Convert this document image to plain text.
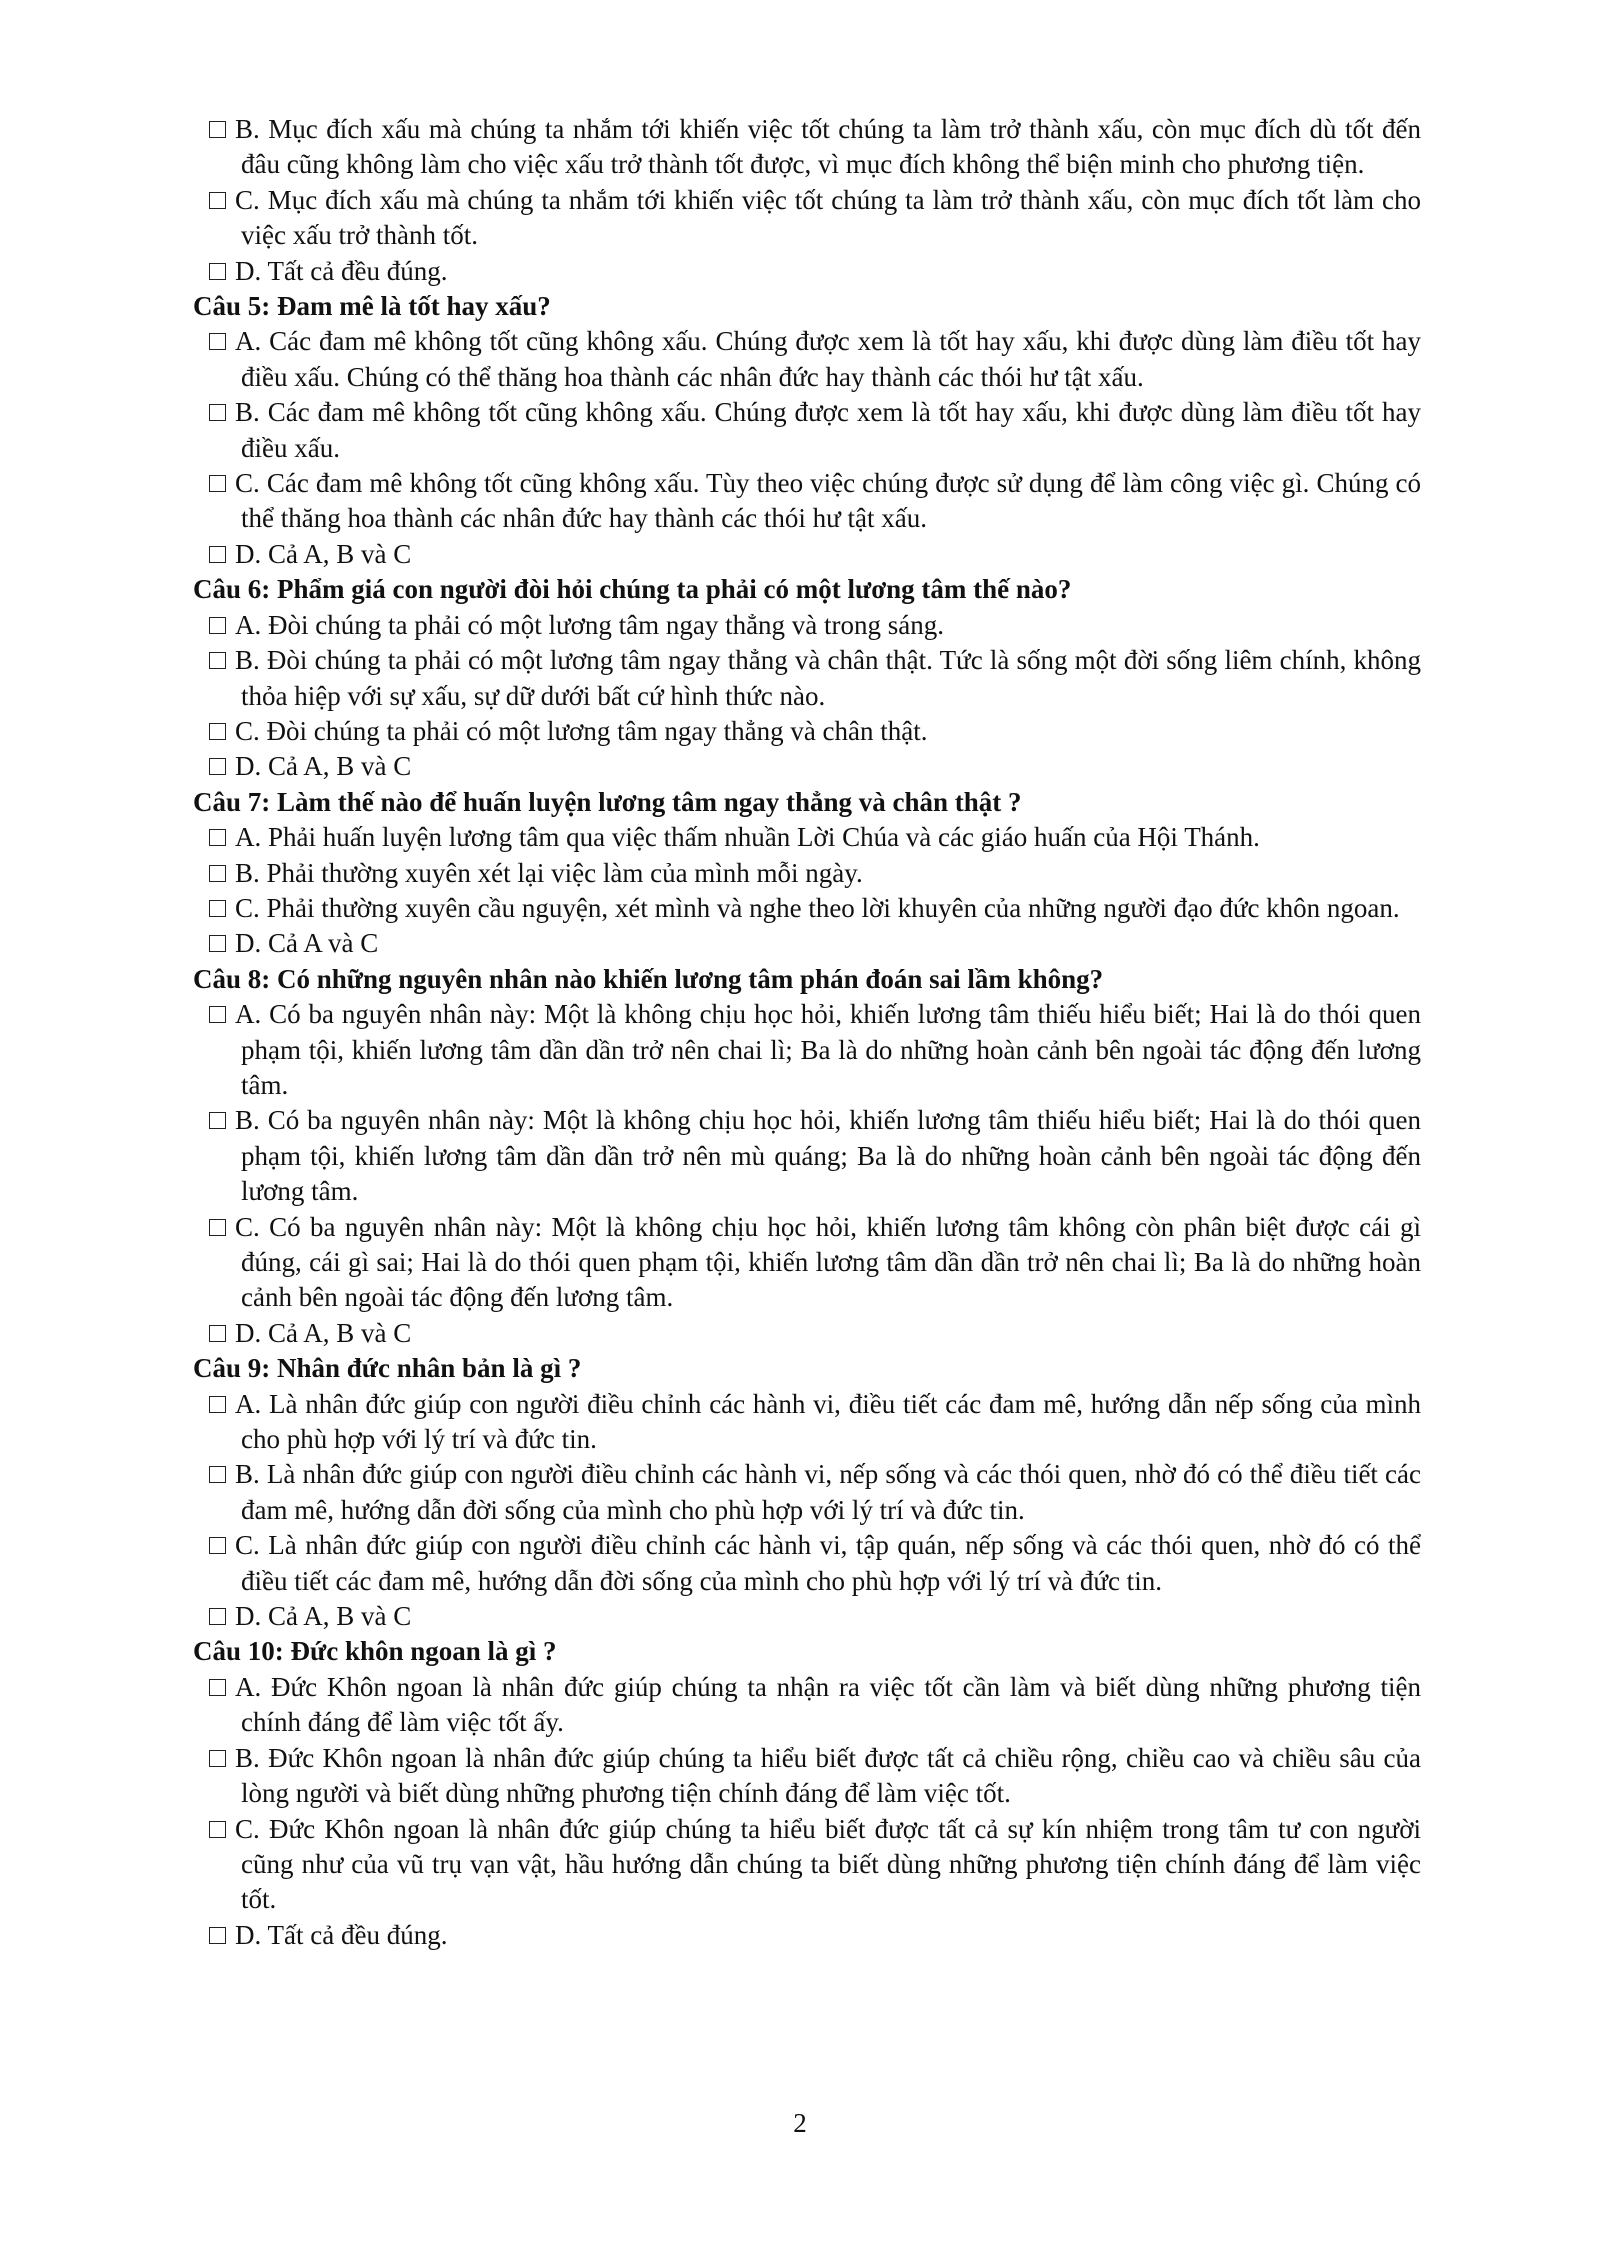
B. Mục đích xấu mà chúng ta nhắm tới khiến việc tốt chúng ta làm trở thành xấu, còn mục đích dù tốt đến đâu cũng không làm cho việc xấu trở thành tốt được, vì mục đích không thể biện minh cho phương tiện.

C. Mục đích xấu mà chúng ta nhắm tới khiến việc tốt chúng ta làm trở thành xấu, còn mục đích tốt làm cho việc xấu trở thành tốt.

D. Tất cả đều đúng.

Câu 5: Đam mê là tốt hay xấu?

A. Các đam mê không tốt cũng không xấu. Chúng được xem là tốt hay xấu, khi được dùng làm điều tốt hay điều xấu. Chúng có thể thăng hoa thành các nhân đức hay thành các thói hư tật xấu.

B. Các đam mê không tốt cũng không xấu. Chúng được xem là tốt hay xấu, khi được dùng làm điều tốt hay điều xấu.

C. Các đam mê không tốt cũng không xấu. Tùy theo việc chúng được sử dụng để làm công việc gì. Chúng có thể thăng hoa thành các nhân đức hay thành các thói hư tật xấu.

D. Cả A, B và C

Câu 6: Phẩm giá con người đòi hỏi chúng ta phải có một lương tâm thế nào?

A. Đòi chúng ta phải có một lương tâm ngay thẳng và trong sáng.

B. Đòi chúng ta phải có một lương tâm ngay thẳng và chân thật. Tức là sống một đời sống liêm chính, không thỏa hiệp với sự xấu, sự dữ dưới bất cứ hình thức nào.

C. Đòi chúng ta phải có một lương tâm ngay thẳng và chân thật.

D. Cả A, B và C

Câu 7: Làm thế nào để huấn luyện lương tâm ngay thẳng và chân thật ?

A. Phải huấn luyện lương tâm qua việc thấm nhuần Lời Chúa và các giáo huấn của Hội Thánh.

B. Phải thường xuyên xét lại việc làm của mình mỗi ngày.

C. Phải thường xuyên cầu nguyện, xét mình và nghe theo lời khuyên của những người đạo đức khôn ngoan.

D. Cả A và C

Câu 8: Có những nguyên nhân nào khiến lương tâm phán đoán sai lầm không?

A. Có ba nguyên nhân này: Một là không chịu học hỏi, khiến lương tâm thiếu hiểu biết; Hai là do thói quen phạm tội, khiến lương tâm dần dần trở nên chai lì; Ba là do những hoàn cảnh bên ngoài tác động đến lương tâm.

B. Có ba nguyên nhân này: Một là không chịu học hỏi, khiến lương tâm thiếu hiểu biết; Hai là do thói quen phạm tội, khiến lương tâm dần dần trở nên mù quáng; Ba là do những hoàn cảnh bên ngoài tác động đến lương tâm.

C. Có ba nguyên nhân này: Một là không chịu học hỏi, khiến lương tâm không còn phân biệt được cái gì đúng, cái gì sai; Hai là do thói quen phạm tội, khiến lương tâm dần dần trở nên chai lì; Ba là do những hoàn cảnh bên ngoài tác động đến lương tâm.

D. Cả A, B và C

Câu 9: Nhân đức nhân bản là gì ?

A. Là nhân đức giúp con người điều chỉnh các hành vi, điều tiết các đam mê, hướng dẫn nếp sống của mình cho phù hợp với lý trí và đức tin.

B. Là nhân đức giúp con người điều chỉnh các hành vi, nếp sống và các thói quen, nhờ đó có thể điều tiết các đam mê, hướng dẫn đời sống của mình cho phù hợp với lý trí và đức tin.

C. Là nhân đức giúp con người điều chỉnh các hành vi, tập quán, nếp sống và các thói quen, nhờ đó có thể điều tiết các đam mê, hướng dẫn đời sống của mình cho phù hợp với lý trí và đức tin.

D. Cả A, B và C

Câu 10: Đức khôn ngoan là gì ?

A. Đức Khôn ngoan là nhân đức giúp chúng ta nhận ra việc tốt cần làm và biết dùng những phương tiện chính đáng để làm việc tốt ấy.

B. Đức Khôn ngoan là nhân đức giúp chúng ta hiểu biết được tất cả chiều rộng, chiều cao và chiều sâu của lòng người và biết dùng những phương tiện chính đáng để làm việc tốt.

C. Đức Khôn ngoan là nhân đức giúp chúng ta hiểu biết được tất cả sự kín nhiệm trong tâm tư con người cũng như của vũ trụ vạn vật, hầu hướng dẫn chúng ta biết dùng những phương tiện chính đáng để làm việc tốt.

D. Tất cả đều đúng.

2
